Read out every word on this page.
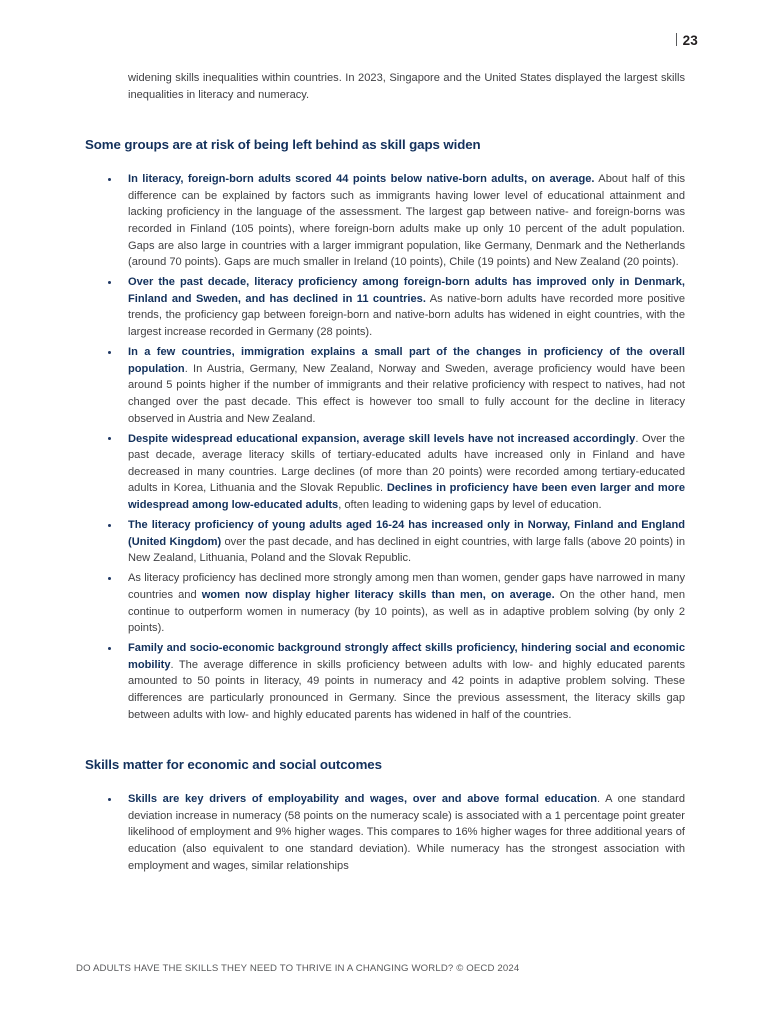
23

widening skills inequalities within countries. In 2023, Singapore and the United States displayed the largest skills inequalities in literacy and numeracy.

Some groups are at risk of being left behind as skill gaps widen
In literacy, foreign-born adults scored 44 points below native-born adults, on average. About half of this difference can be explained by factors such as immigrants having lower level of educational attainment and lacking proficiency in the language of the assessment. The largest gap between native- and foreign-borns was recorded in Finland (105 points), where foreign-born adults make up only 10 percent of the adult population. Gaps are also large in countries with a larger immigrant population, like Germany, Denmark and the Netherlands (around 70 points). Gaps are much smaller in Ireland (10 points), Chile (19 points) and New Zealand (20 points).
Over the past decade, literacy proficiency among foreign-born adults has improved only in Denmark, Finland and Sweden, and has declined in 11 countries. As native-born adults have recorded more positive trends, the proficiency gap between foreign-born and native-born adults has widened in eight countries, with the largest increase recorded in Germany (28 points).
In a few countries, immigration explains a small part of the changes in proficiency of the overall population. In Austria, Germany, New Zealand, Norway and Sweden, average proficiency would have been around 5 points higher if the number of immigrants and their relative proficiency with respect to natives, had not changed over the past decade. This effect is however too small to fully account for the decline in literacy observed in Austria and New Zealand.
Despite widespread educational expansion, average skill levels have not increased accordingly. Over the past decade, average literacy skills of tertiary-educated adults have increased only in Finland and have decreased in many countries. Large declines (of more than 20 points) were recorded among tertiary-educated adults in Korea, Lithuania and the Slovak Republic. Declines in proficiency have been even larger and more widespread among low-educated adults, often leading to widening gaps by level of education.
The literacy proficiency of young adults aged 16-24 has increased only in Norway, Finland and England (United Kingdom) over the past decade, and has declined in eight countries, with large falls (above 20 points) in New Zealand, Lithuania, Poland and the Slovak Republic.
As literacy proficiency has declined more strongly among men than women, gender gaps have narrowed in many countries and women now display higher literacy skills than men, on average. On the other hand, men continue to outperform women in numeracy (by 10 points), as well as in adaptive problem solving (by only 2 points).
Family and socio-economic background strongly affect skills proficiency, hindering social and economic mobility. The average difference in skills proficiency between adults with low- and highly educated parents amounted to 50 points in literacy, 49 points in numeracy and 42 points in adaptive problem solving. These differences are particularly pronounced in Germany. Since the previous assessment, the literacy skills gap between adults with low- and highly educated parents has widened in half of the countries.
Skills matter for economic and social outcomes
Skills are key drivers of employability and wages, over and above formal education. A one standard deviation increase in numeracy (58 points on the numeracy scale) is associated with a 1 percentage point greater likelihood of employment and 9% higher wages. This compares to 16% higher wages for three additional years of education (also equivalent to one standard deviation). While numeracy has the strongest association with employment and wages, similar relationships
DO ADULTS HAVE THE SKILLS THEY NEED TO THRIVE IN A CHANGING WORLD? © OECD 2024
